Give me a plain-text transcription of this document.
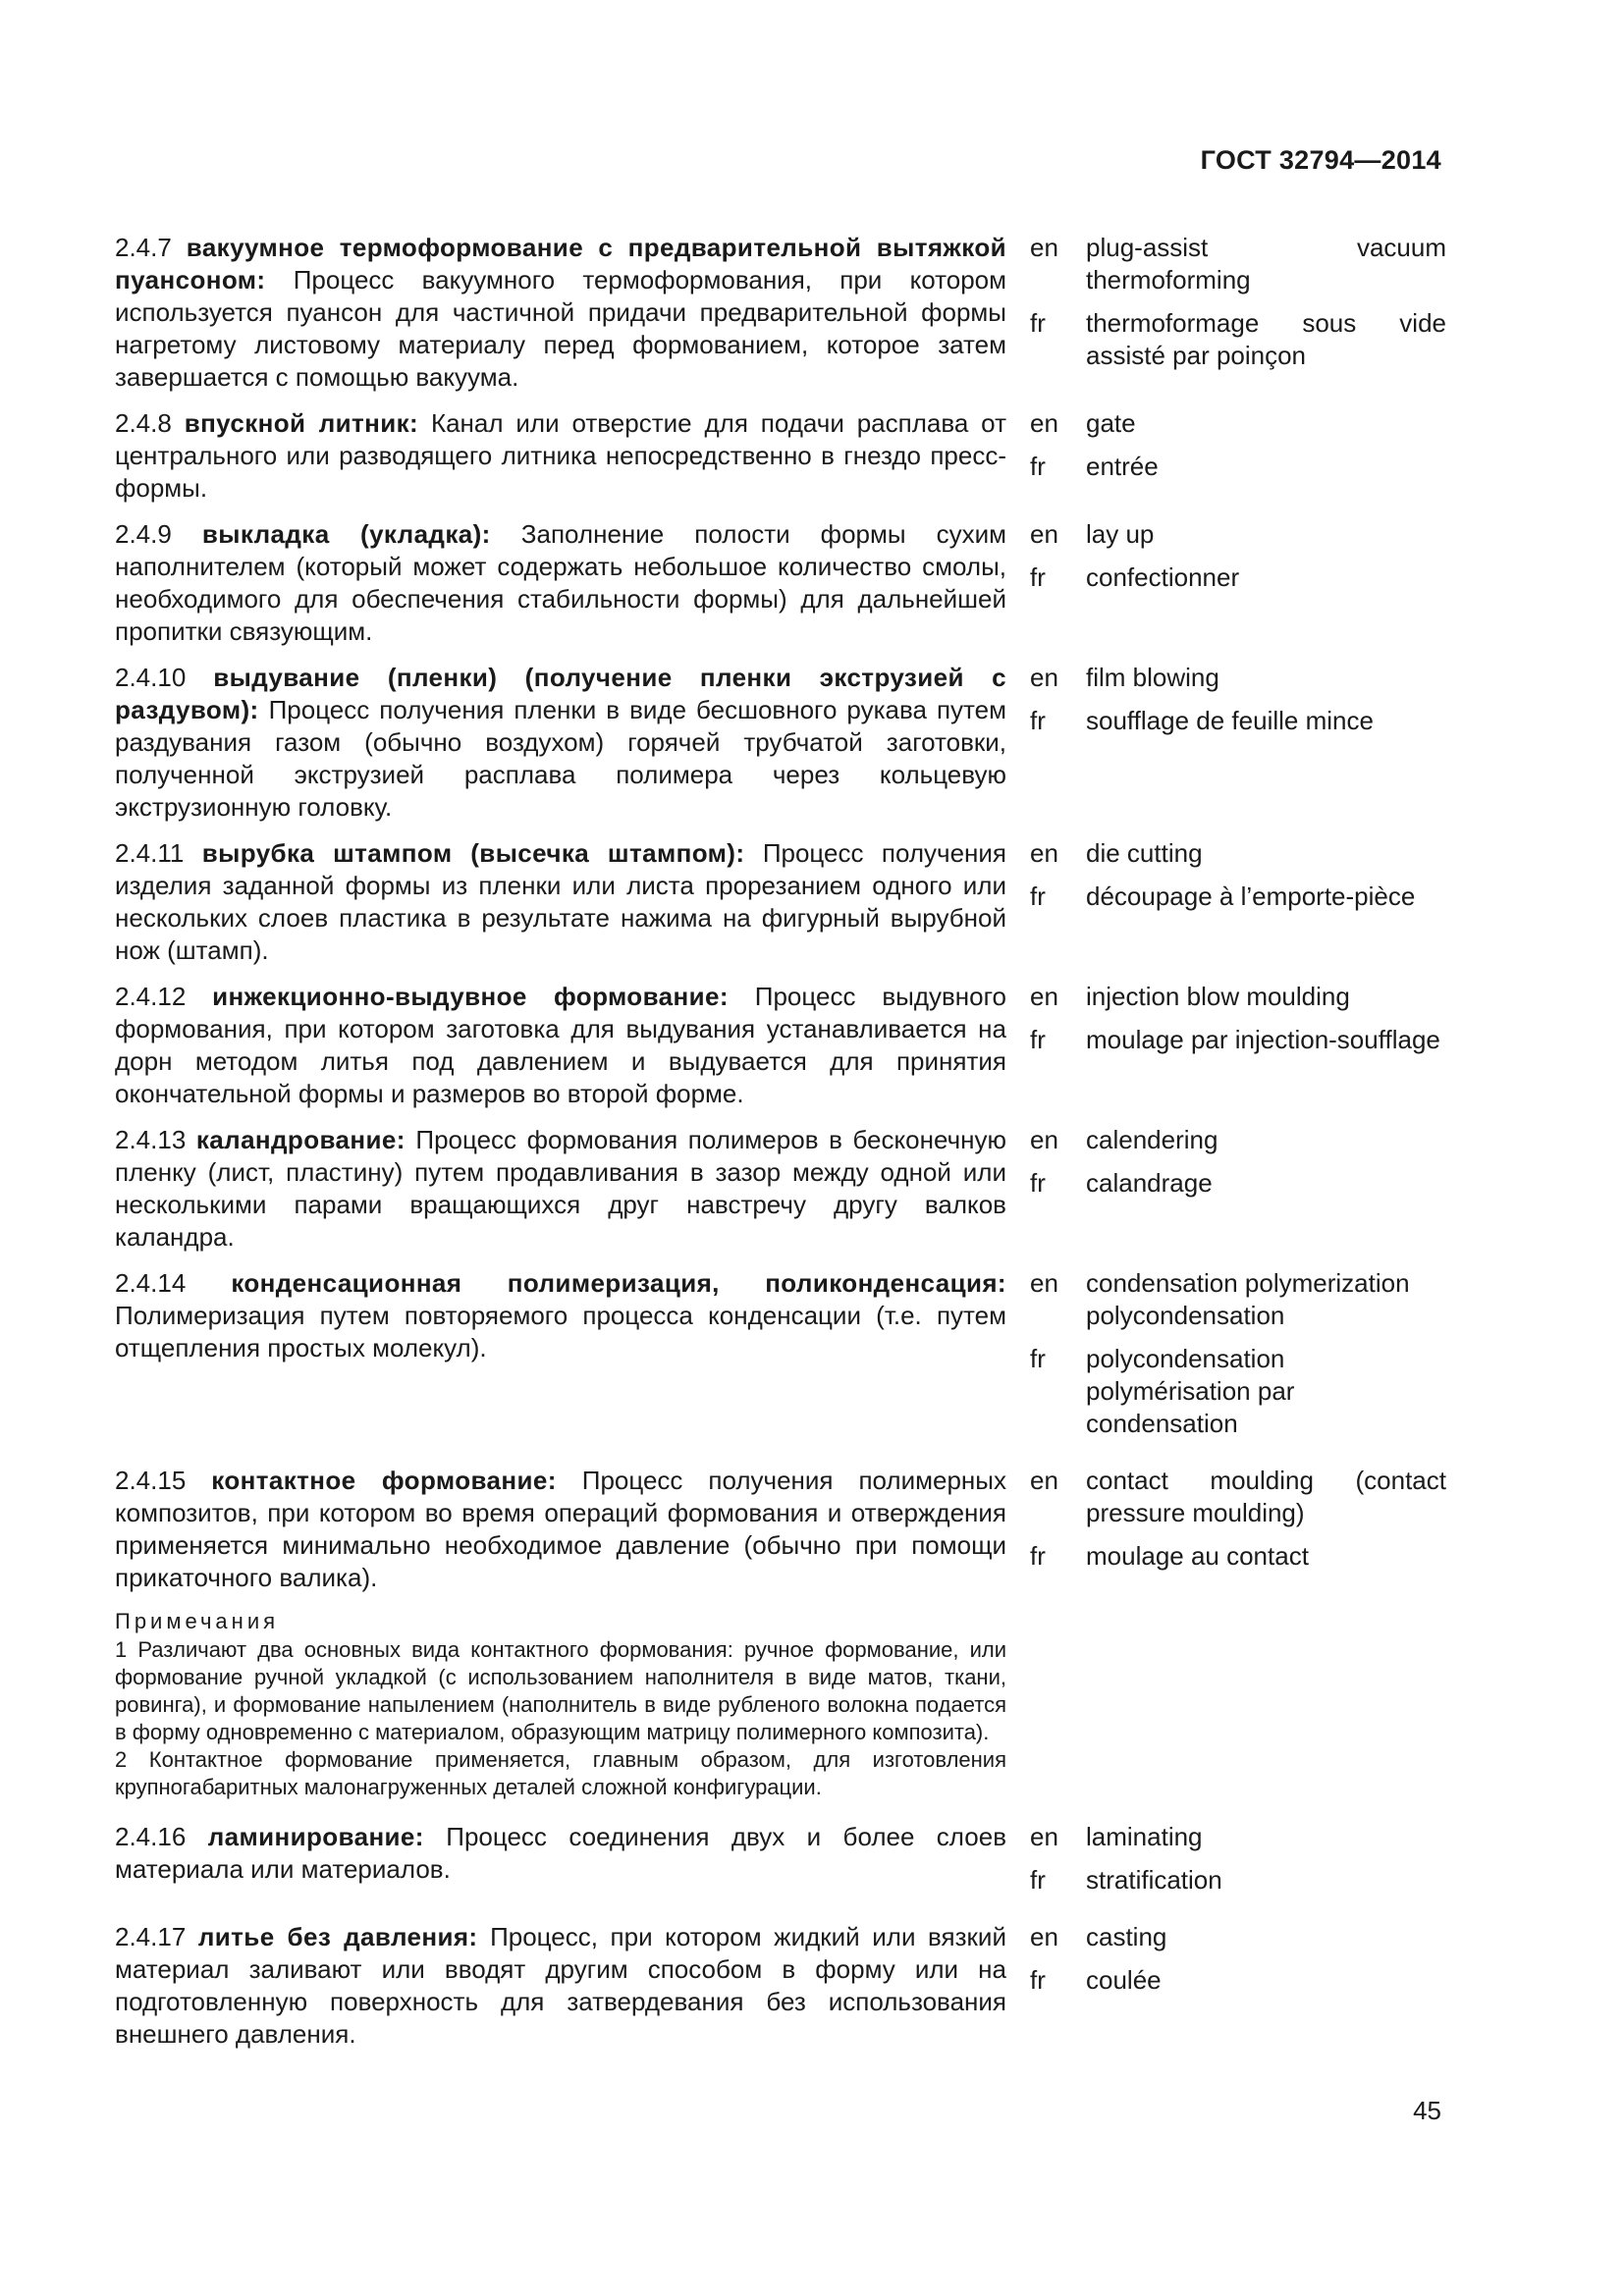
ГОСТ 32794—2014
2.4.7 вакуумное термоформование с предварительной вытяжкой пуансоном: Процесс вакуумного термоформования, при котором используется пуансон для частичной придачи предварительной формы нагретому листовому материалу перед формованием, которое затем завершается с помощью вакуума.
en	plug-assist vacuum thermoforming
fr	thermoformage sous vide assisté par poinçon
2.4.8 впускной литник: Канал или отверстие для подачи расплава от центрального или разводящего литника непосредственно в гнездо пресс-формы.
en	gate
fr	entrée
2.4.9 выкладка (укладка): Заполнение полости формы сухим наполнителем (который может содержать небольшое количество смолы, необходимого для обеспечения стабильности формы) для дальнейшей пропитки связующим.
en	lay up
fr	confectionner
2.4.10 выдувание (пленки) (получение пленки экструзией с раздувом): Процесс получения пленки в виде бесшовного рукава путем раздувания газом (обычно воздухом) горячей трубчатой заготовки, полученной экструзией расплава полимера через кольцевую экструзионную головку.
en	film blowing
fr	soufflage de feuille mince
2.4.11 вырубка штампом (высечка штампом): Процесс получения изделия заданной формы из пленки или листа прорезанием одного или нескольких слоев пластика в результате нажима на фигурный вырубной нож (штамп).
en	die cutting
fr	découpage à l’emporte-pièce
2.4.12 инжекционно-выдувное формование: Процесс выдувного формования, при котором заготовка для выдувания устанавливается на дорн методом литья под давлением и выдувается для принятия окончательной формы и размеров во второй форме.
en	injection blow moulding
fr	moulage par injection-soufflage
2.4.13 каландрование: Процесс формования полимеров в бесконечную пленку (лист, пластину) путем продавливания в зазор между одной или несколькими парами вращающихся друг навстречу другу валков каландра.
en	calendering
fr	calandrage
2.4.14 конденсационная полимеризация, поликонденсация: Полимеризация путем повторяемого процесса конденсации (т.е. путем отщепления простых молекул).
en	condensation polymerization polycondensation
fr	polycondensation polymérisation par condensation
2.4.15 контактное формование: Процесс получения полимерных композитов, при котором во время операций формования и отверждения применяется минимально необходимое давление (обычно при помощи прикаточного валика).
en	contact moulding (contact pressure moulding)
fr	moulage au contact
Примечания
1 Различают два основных вида контактного формования: ручное формование, или формование ручной укладкой (с использованием наполнителя в виде матов, ткани, ровинга), и формование напылением (наполнитель в виде рубленого волокна подается в форму одновременно с материалом, образующим матрицу полимерного композита).
2 Контактное формование применяется, главным образом, для изготовления крупногабаритных малонагруженных деталей сложной конфигурации.
2.4.16 ламинирование: Процесс соединения двух и более слоев материала или материалов.
en	laminating
fr	stratification
2.4.17 литье без давления: Процесс, при котором жидкий или вязкий материал заливают или вводят другим способом в форму или на подготовленную поверхность для затвердевания без использования внешнего давления.
en	casting
fr	coulée
45
